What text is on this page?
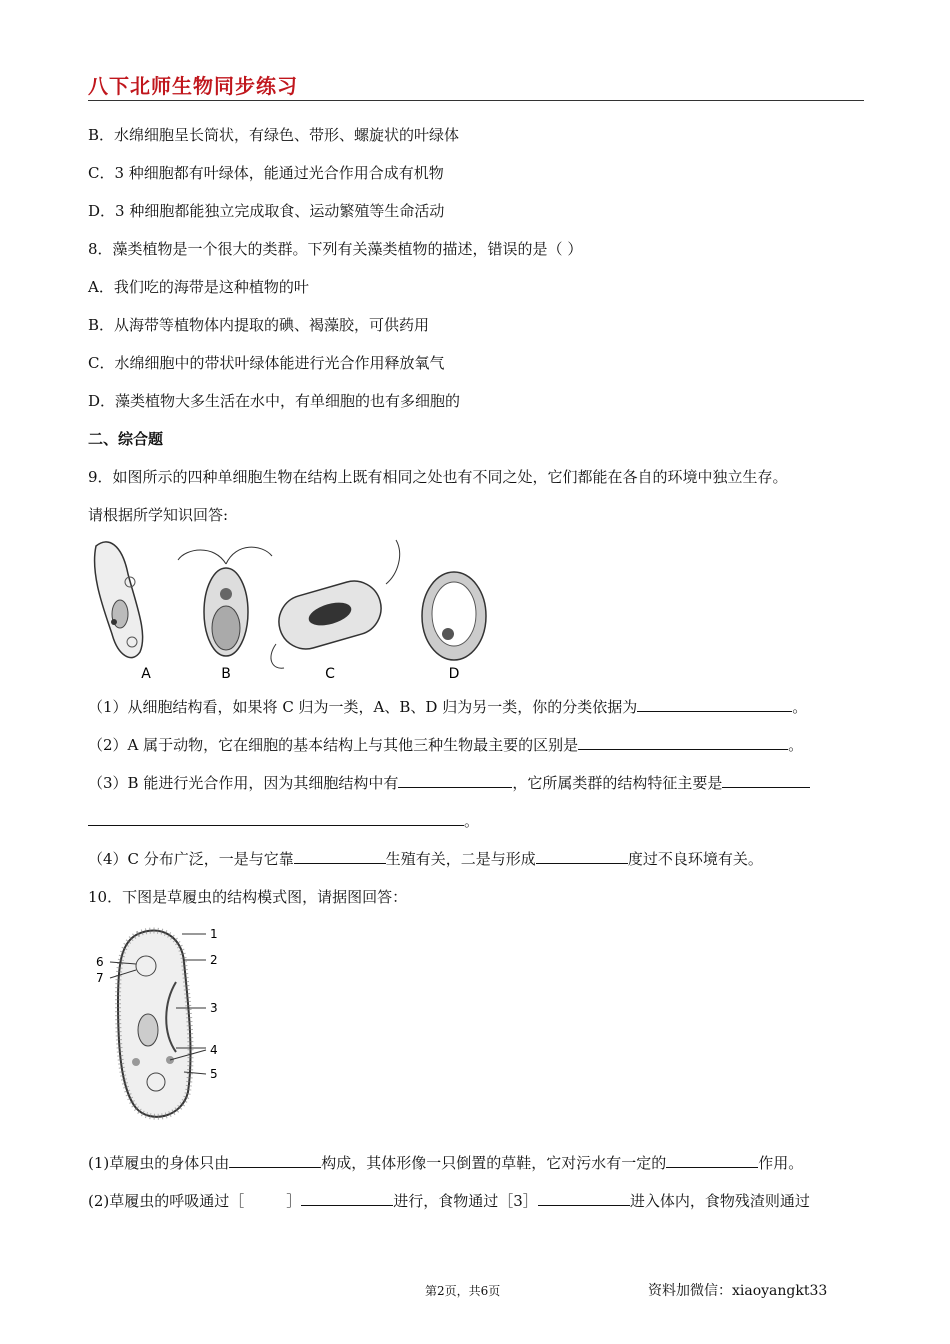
八下北师生物同步练习
B．水绵细胞呈长筒状，有绿色、带形、螺旋状的叶绿体
C．3 种细胞都有叶绿体，能通过光合作用合成有机物
D．3 种细胞都能独立完成取食、运动繁殖等生命活动
8．藻类植物是一个很大的类群。下列有关藻类植物的描述，错误的是（ ）
A．我们吃的海带是这种植物的叶
B．从海带等植物体内提取的碘、褐藻胶，可供药用
C．水绵细胞中的带状叶绿体能进行光合作用释放氧气
D．藻类植物大多生活在水中，有单细胞的也有多细胞的
二、综合题
9．如图所示的四种单细胞生物在结构上既有相同之处也有不同之处，它们都能在各自的环境中独立生存。
请根据所学知识回答:
A	B	C	D
（1）从细胞结构看，如果将 C 归为一类，A、B、D 归为另一类，你的分类依据为	。
（2）A 属于动物，它在细胞的基本结构上与其他三种生物最主要的区别是	。
（3）B 能进行光合作用，因为其细胞结构中有	，它所属类群的结构特征主要是
。
（4）C 分布广泛，一是与它靠	生殖有关，二是与形成	度过不良环境有关。
10．下图是草履虫的结构模式图，请据图回答：
1
2
3
4
5
6
7
(1)草履虫的身体只由	构成，其体形像一只倒置的草鞋，它对污水有一定的	作用。
(2)草履虫的呼吸通过［	］	进行，食物通过［3］	进入体内，食物残渣则通过
第2页，共6页	资料加微信：xiaoyangkt33
